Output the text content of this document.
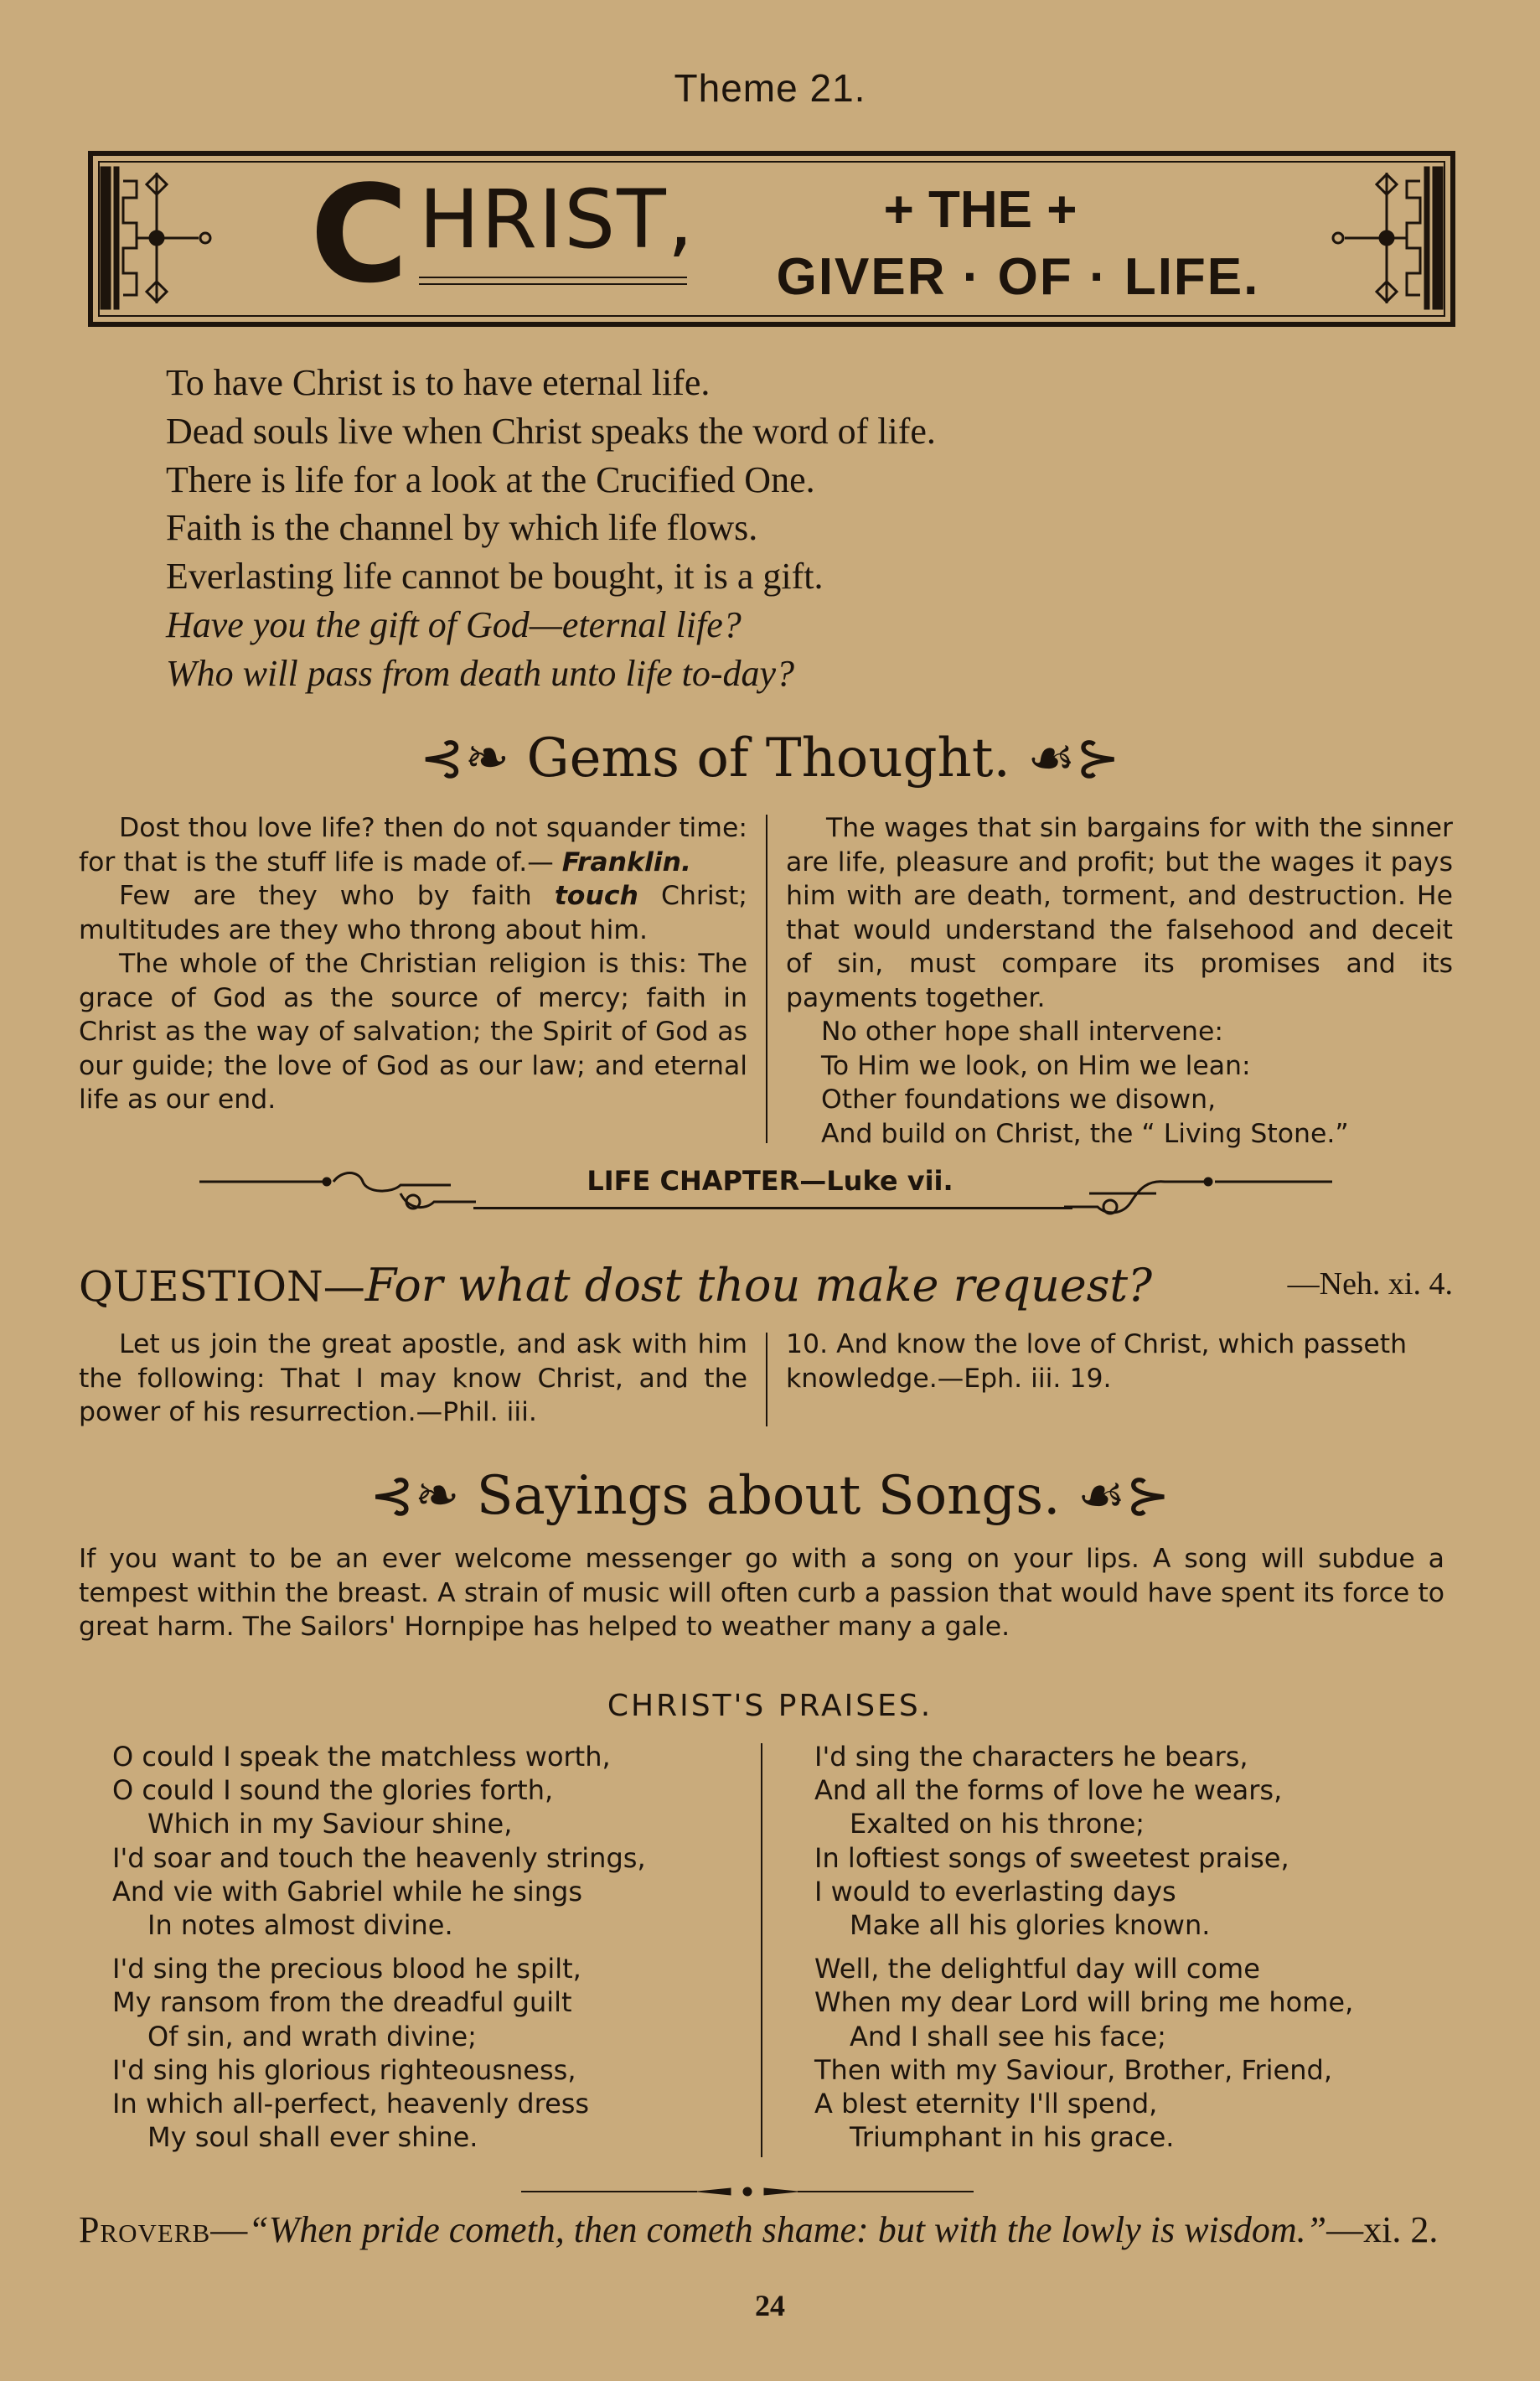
Theme 21.
C HRIST,	+ THE +
GIVER · OF · LIFE.
To have Christ is to have eternal life.
Dead souls live when Christ speaks the word of life.
There is life for a look at the Crucified One.
Faith is the channel by which life flows.
Everlasting life cannot be bought, it is a gift.
Have you the gift of God—eternal life?
Who will pass from death unto life to-day?
⊰❧ Gems of Thought. ☙⊱

Dost thou love life? then do not squander time: for that is the stuff life is made of.— Franklin.

Few are they who by faith touch Christ; multitudes are they who throng about him.

The whole of the Christian religion is this: The grace of God as the source of mercy; faith in Christ as the way of salvation; the Spirit of God as our guide; the love of God as our law; and eternal life as our end.

The wages that sin bargains for with the sinner are life, pleasure and profit; but the wages it pays him with are death, torment, and destruction. He that would understand the falsehood and deceit of sin, must compare its promises and its payments together.

No other hope shall intervene:

To Him we look, on Him we lean:

Other foundations we disown,

And build on Christ, the “ Living Stone.”

LIFE CHAPTER—Luke vii.
QUESTION—For what dost thou make request?	—Neh. xi. 4.

Let us join the great apostle, and ask with him the following: That I may know Christ, and the power of his resurrection.—Phil. iii.

10. And know the love of Christ, which passeth knowledge.—Eph. iii. 19.

⊰❧ Sayings about Songs. ☙⊱
If you want to be an ever welcome messenger go with a song on your lips. A song will subdue a tempest within the breast. A strain of music will often curb a passion that would have spent its force to great harm. The Sailors' Hornpipe has helped to weather many a gale.
CHRIST'S PRAISES.
O could I speak the matchless worth,
O could I sound the glories forth,
Which in my Saviour shine,
I'd soar and touch the heavenly strings,
And vie with Gabriel while he sings
In notes almost divine.
I'd sing the precious blood he spilt,
My ransom from the dreadful guilt
Of sin, and wrath divine;
I'd sing his glorious righteousness,
In which all-perfect, heavenly dress
My soul shall ever shine.
I'd sing the characters he bears,
And all the forms of love he wears,
Exalted on his throne;
In loftiest songs of sweetest praise,
I would to everlasting days
Make all his glories known.
Well, the delightful day will come
When my dear Lord will bring me home,
And I shall see his face;
Then with my Saviour, Brother, Friend,
A blest eternity I'll spend,
Triumphant in his grace.
Proverb—“When pride cometh, then cometh shame: but with the lowly is wisdom.”—xi. 2.
24
